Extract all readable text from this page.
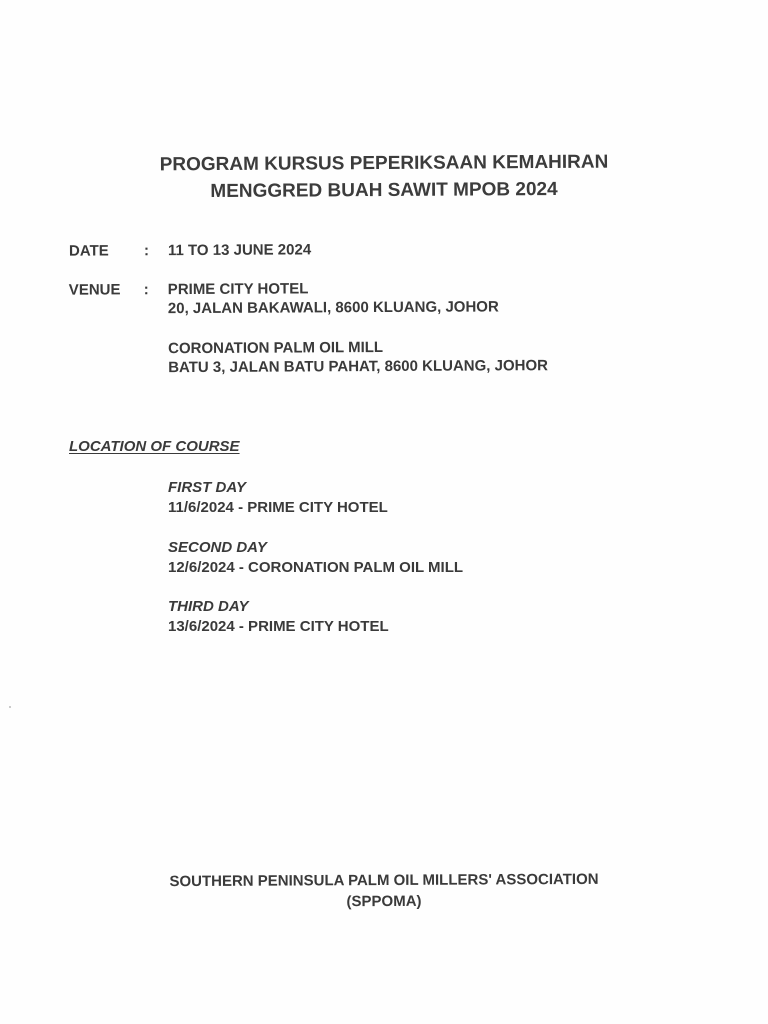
PROGRAM KURSUS PEPERIKSAAN KEMAHIRAN
MENGGRED BUAH SAWIT MPOB 2024
DATE : 11 TO 13 JUNE 2024
VENUE : PRIME CITY HOTEL
20, JALAN BAKAWALI, 8600 KLUANG, JOHOR
CORONATION PALM OIL MILL
BATU 3, JALAN BATU PAHAT, 8600 KLUANG, JOHOR
LOCATION OF COURSE
FIRST DAY
11/6/2024 - PRIME CITY HOTEL
SECOND DAY
12/6/2024 - CORONATION PALM OIL MILL
THIRD DAY
13/6/2024 - PRIME CITY HOTEL
SOUTHERN PENINSULA PALM OIL MILLERS' ASSOCIATION
(SPPOMA)
